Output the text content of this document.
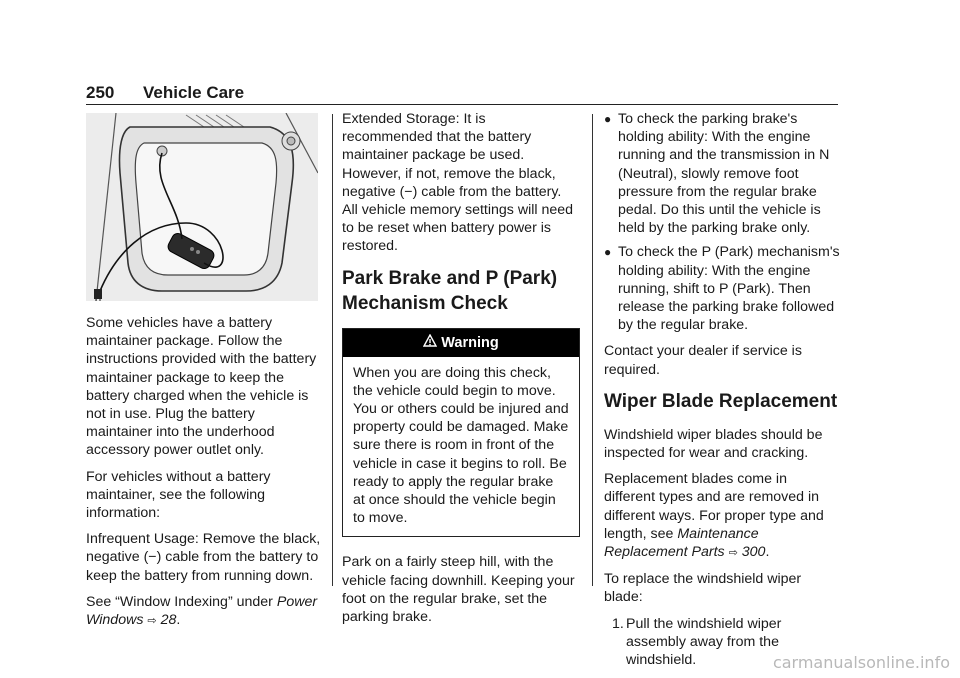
250 Vehicle Care

Some vehicles have a battery maintainer package. Follow the instructions provided with the battery maintainer package to keep the battery charged when the vehicle is not in use. Plug the battery maintainer into the underhood accessory power outlet only.

For vehicles without a battery maintainer, see the following information:

Infrequent Usage: Remove the black, negative (−) cable from the battery to keep the battery from running down.

See “Window Indexing” under Power Windows ⇨ 28.

Extended Storage: It is recommended that the battery maintainer package be used. However, if not, remove the black, negative (−) cable from the battery. All vehicle memory settings will need to be reset when battery power is restored.

Park Brake and P (Park) Mechanism Check
Warning
When you are doing this check, the vehicle could begin to move. You or others could be injured and property could be damaged. Make sure there is room in front of the vehicle in case it begins to roll. Be ready to apply the regular brake at once should the vehicle begin to move.

Park on a fairly steep hill, with the vehicle facing downhill. Keeping your foot on the regular brake, set the parking brake.

● To check the parking brake's holding ability: With the engine running and the transmission in N (Neutral), slowly remove foot pressure from the regular brake pedal. Do this until the vehicle is held by the parking brake only.
● To check the P (Park) mechanism's holding ability: With the engine running, shift to P (Park). Then release the parking brake followed by the regular brake.

Contact your dealer if service is required.

Wiper Blade Replacement

Windshield wiper blades should be inspected for wear and cracking.

Replacement blades come in different types and are removed in different ways. For proper type and length, see Maintenance Replacement Parts ⇨ 300.

To replace the windshield wiper blade:

1. Pull the windshield wiper assembly away from the windshield.	carmanualsonline.info
